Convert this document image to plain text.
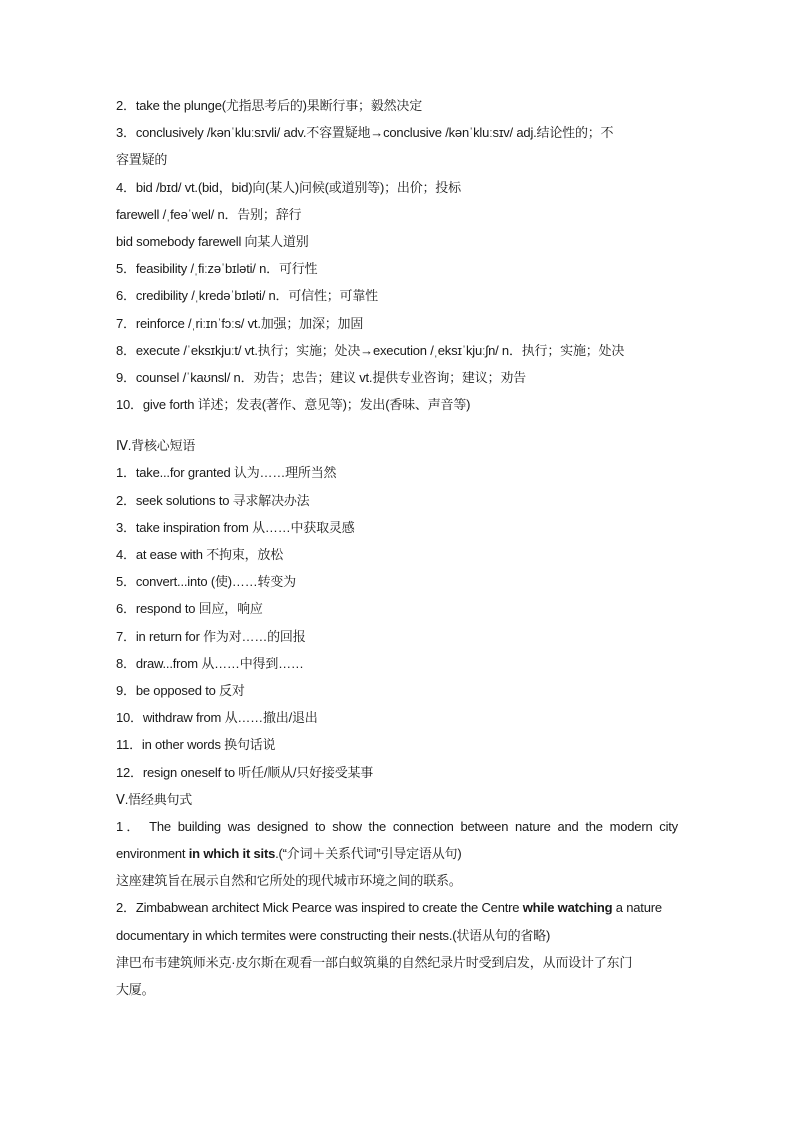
2．take the plunge(尤指思考后的)果断行事；毅然决定
3．conclusively /kənˈkluːsɪvli/ adv.不容置疑地→conclusive /kənˈkluːsɪv/ adj.结论性的；不
容置疑的
4．bid /bɪd/ vt.(bid，bid)向(某人)问候(或道别等)；出价；投标
farewell /ˌfeəˈwel/ n．告别；辞行
bid somebody farewell 向某人道别
5．feasibility /ˌfiːzəˈbɪləti/ n．可行性
6．credibility /ˌkredəˈbɪləti/ n．可信性；可靠性
7．reinforce /ˌriːɪnˈfɔːs/ vt.加强；加深；加固
8．execute /ˈeksɪkjuːt/ vt.执行；实施；处决→execution /ˌeksɪˈkjuːʃn/ n．执行；实施；处决
9．counsel /ˈkaʊnsl/ n．劝告；忠告；建议 vt.提供专业咨询；建议；劝告
10．give forth 详述；发表(著作、意见等)；发出(香味、声音等)
Ⅳ.背核心短语
1．take...for granted 认为……理所当然
2．seek solutions to 寻求解决办法
3．take inspiration from 从……中获取灵感
4．at ease with 不拘束，放松
5．convert...into (使)……转变为
6．respond to 回应，响应
7．in return for 作为对……的回报
8．draw...from 从……中得到……
9．be opposed to 反对
10．withdraw from 从……撤出/退出
11．in other words 换句话说
12．resign oneself to 听任/顺从/只好接受某事
Ⅴ.悟经典句式
1． The building was designed to show the connection between nature and the modern city
environment in which it sits.(“介词＋关系代词”引导定语从句)
这座建筑旨在展示自然和它所处的现代城市环境之间的联系。
2．Zimbabwean architect Mick Pearce was inspired to create the Centre while watching a nature
documentary in which termites were constructing their nests.(状语从句的省略)
津巴布韦建筑师米克·皮尔斯在观看一部白蚁筑巢的自然纪录片时受到启发，从而设计了东门
大厦。
